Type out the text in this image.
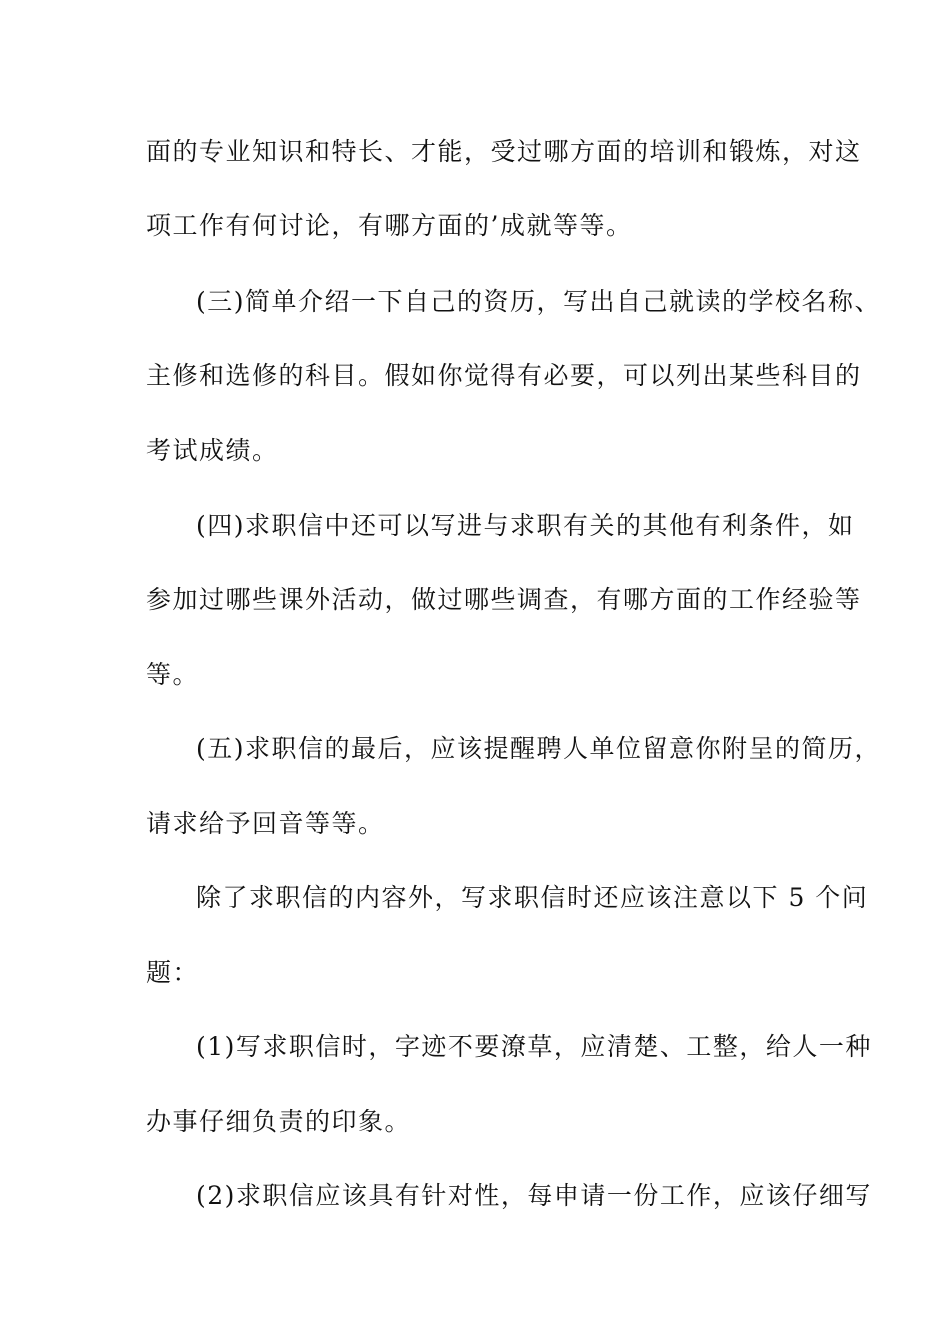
面的专业知识和特长、才能，受过哪方面的培训和锻炼，对这
项工作有何讨论，有哪方面的’成就等等。
(三)简单介绍一下自己的资历，写出自己就读的学校名称、
主修和选修的科目。假如你觉得有必要，可以列出某些科目的
考试成绩。
(四)求职信中还可以写进与求职有关的其他有利条件，如
参加过哪些课外活动，做过哪些调查，有哪方面的工作经验等
等。
(五)求职信的最后，应该提醒聘人单位留意你附呈的简历，
请求给予回音等等。
除了求职信的内容外，写求职信时还应该注意以下 5 个问
题：
(1)写求职信时，字迹不要潦草，应清楚、工整，给人一种
办事仔细负责的印象。
(2)求职信应该具有针对性，每申请一份工作，应该仔细写
